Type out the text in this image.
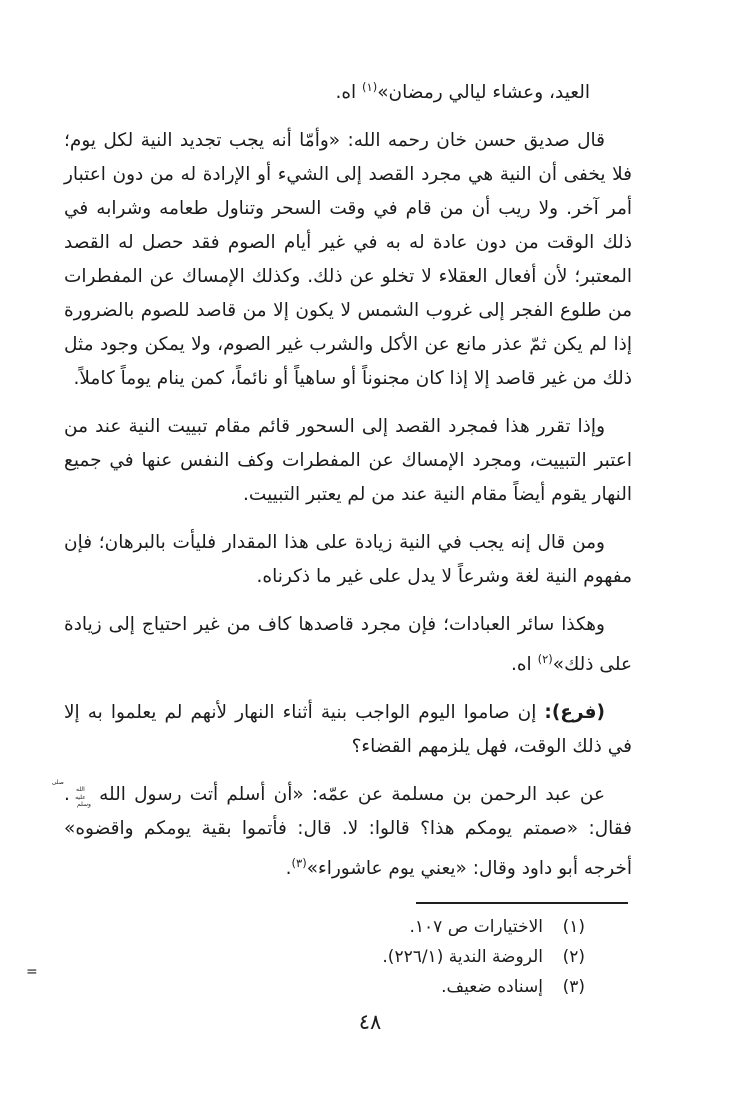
العيد، وعشاء ليالي رمضان»$^{(١)}$ اه.

قال صديق حسن خان رحمه الله: «وأمّا أنه يجب تجديد النية لكل يوم؛ فلا يخفى أن النية هي مجرد القصد إلى الشيء أو الإرادة له من دون اعتبار أمر آخر. ولا ريب أن من قام في وقت السحر وتناول طعامه وشرابه في ذلك الوقت من دون عادة له به في غير أيام الصوم فقد حصل له القصد المعتبر؛ لأن أفعال العقلاء لا تخلو عن ذلك. وكذلك الإمساك عن المفطرات من طلوع الفجر إلى غروب الشمس لا يكون إلا من قاصد للصوم بالضرورة إذا لم يكن ثمّ عذر مانع عن الأكل والشرب غير الصوم، ولا يمكن وجود مثل ذلك من غير قاصد إلا إذا كان مجنوناً أو ساهياً أو نائماً، كمن ينام يوماً كاملاً.

وإذا تقرر هذا فمجرد القصد إلى السحور قائم مقام تبييت النية عند من اعتبر التبييت، ومجرد الإمساك عن المفطرات وكف النفس عنها في جميع النهار يقوم أيضاً مقام النية عند من لم يعتبر التبييت.

ومن قال إنه يجب في النية زيادة على هذا المقدار فليأت بالبرهان؛ فإن مفهوم النية لغة وشرعاً لا يدل على غير ما ذكرناه.

وهكذا سائر العبادات؛ فإن مجرد قاصدها كاف من غير احتياج إلى زيادة على ذلك»$^{(٢)}$ اه.

(فرع): إن صاموا اليوم الواجب بنية أثناء النهار لأنهم لم يعلموا به إلا في ذلك الوقت، فهل يلزمهم القضاء؟

عن عبد الرحمن بن مسلمة عن عمّه: «أن أسلم أتت رسول الله صلى الله عليه وسلم. فقال: «صمتم يومكم هذا؟ قالوا: لا. قال: فأتموا بقية يومكم واقضوه» أخرجه أبو داود وقال: «يعني يوم عاشوراء»$^{(٣)}$.

(١)
الاختيارات ص ١٠٧.
(٢)
الروضة الندية (٢٢٦/١).
(٣)
إسناده ضعيف.
=
٤٨
